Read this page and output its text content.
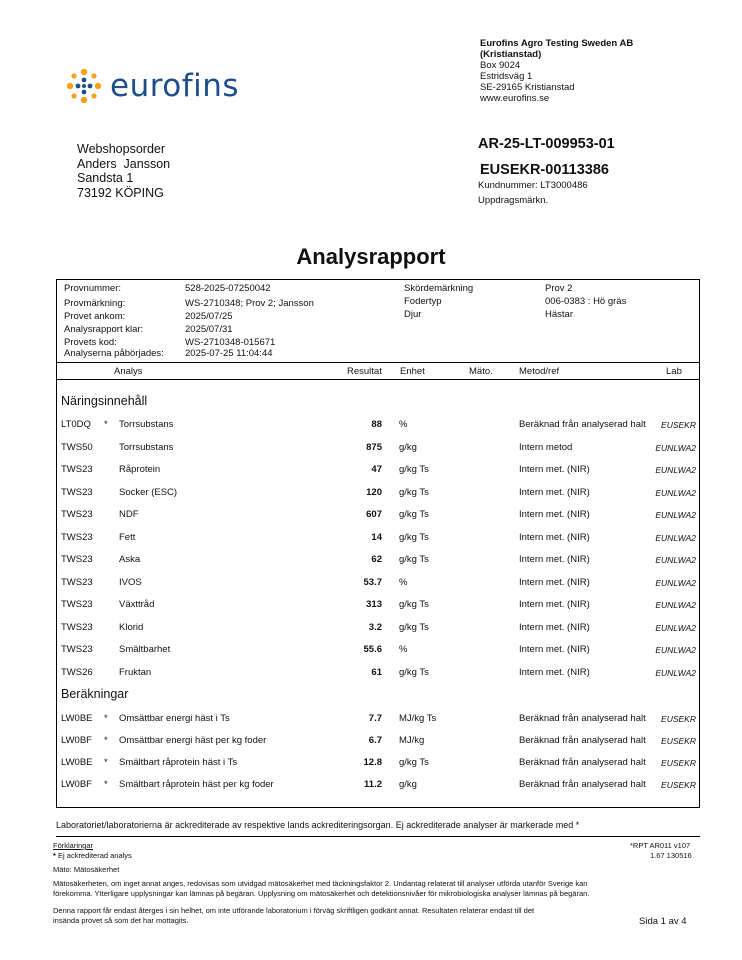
eurofins
Eurofins Agro Testing Sweden AB
(Kristianstad)
Box 9024
Estridsväg 1
SE-29165 Kristianstad
www.eurofins.se
Webshopsorder
Anders  Jansson
Sandsta 1
73192 KÖPING
AR-25-LT-009953-01
EUSEKR-00113386
Kundnummer: LT3000486
Uppdragsmärkn.
Analysrapport
Provnummer:	528-2025-07250042
Provmärkning:	WS-2710348; Prov 2; Jansson
Provet ankom:	2025/07/25
Analysrapport klar:	2025/07/31
Provets kod:	WS-2710348-015671
Analyserna påbörjades: 2025-07-25 11:04:44
Skördemärkning	Prov 2
Fodertyp	006-0383 : Hö gräs
Djur	Hästar
Analys	Resultat Enhet	Mäto.	Metod/ref	Lab
Näringsinnehåll
LT0DQ * Torrsubstans	88 %	Beräknad från analyserad halt EUSEKR
TWS50	Torrsubstans	875 g/kg	Intern metod	EUNLWA2
TWS23	Råprotein	47 g/kg Ts	Intern met. (NIR)	EUNLWA2
TWS23	Socker (ESC)	120 g/kg Ts	Intern met. (NIR)	EUNLWA2
TWS23	NDF	607 g/kg Ts	Intern met. (NIR)	EUNLWA2
TWS23	Fett	14 g/kg Ts	Intern met. (NIR)	EUNLWA2
TWS23	Aska	62 g/kg Ts	Intern met. (NIR)	EUNLWA2
TWS23	IVOS	53.7 %	Intern met. (NIR)	EUNLWA2
TWS23	Växttråd	313 g/kg Ts	Intern met. (NIR)	EUNLWA2
TWS23	Klorid	3.2 g/kg Ts	Intern met. (NIR)	EUNLWA2
TWS23	Smältbarhet	55.6 %	Intern met. (NIR)	EUNLWA2
TWS26	Fruktan	61 g/kg Ts	Intern met. (NIR)	EUNLWA2
Beräkningar
LW0BE * Omsättbar energi häst i Ts	7.7 MJ/kg Ts	Beräknad från analyserad halt EUSEKR
LW0BF * Omsättbar energi häst per kg foder	6.7 MJ/kg	Beräknad från analyserad halt EUSEKR
LW0BE * Smältbart råprotein häst i Ts	12.8 g/kg Ts	Beräknad från analyserad halt EUSEKR
LW0BF * Smältbart råprotein häst per kg foder	11.2 g/kg	Beräknad från analyserad halt EUSEKR
Laboratoriet/laboratorierna är ackrediterade av respektive lands ackrediteringsorgan. Ej ackrediterade analyser är markerade med *
Förklaringar
* Ej ackrediterad analys
Mäto: Mätosäkerhet
Mätosäkerheten, om inget annat anges, redovisas som utvidgad mätosäkerhet med täckningsfaktor 2. Undantag relaterat till analyser utförda utanför Sverige kan
förekomma. Ytterligare upplysningar kan lämnas på begäran. Upplysning om mätosäkerhet och detektionsnivåer för mikrobiologiska analyser lämnas på begäran.
Denna rapport får endast återges i sin helhet, om inte utförande laboratorium i förväg skriftligen godkänt annat. Resultaten relaterar endast till det
insända provet så som det har mottagits.
*RPT AR011 v107
1.67 130516
Sida 1 av 4
